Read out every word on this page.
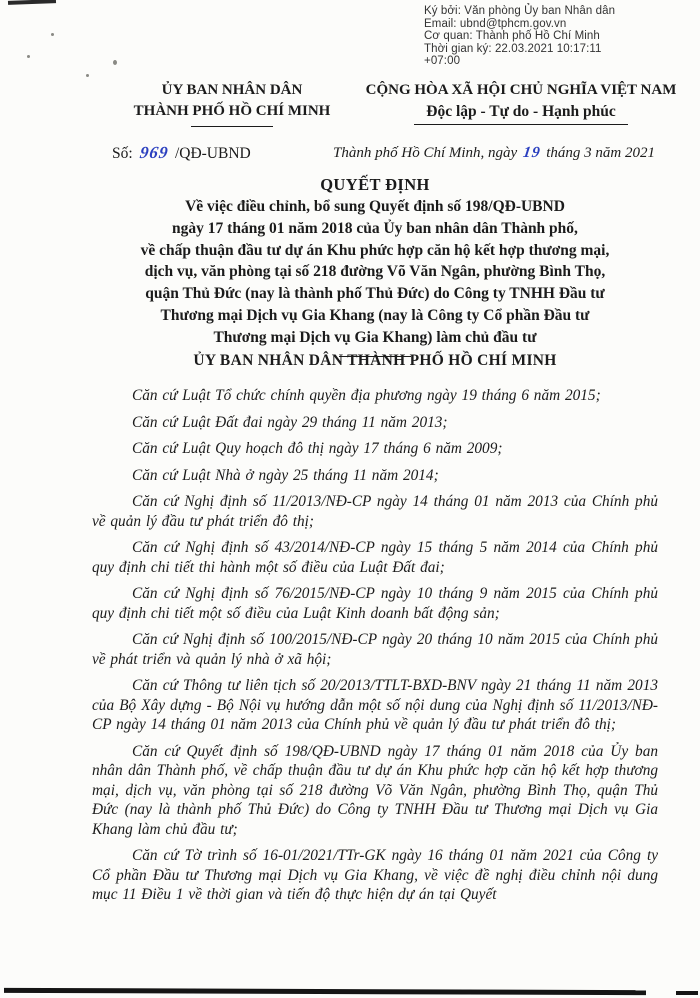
Ký bởi: Văn phòng Ủy ban Nhân dân
Email: ubnd@tphcm.gov.vn
Cơ quan: Thành phố Hồ Chí Minh
Thời gian ký: 22.03.2021 10:17:11
+07:00
ỦY BAN NHÂN DÂN
THÀNH PHỐ HỒ CHÍ MINH
CỘNG HÒA XÃ HỘI CHỦ NGHĨA VIỆT NAM
Độc lập - Tự do - Hạnh phúc
Số: 969 /QĐ-UBND	Thành phố Hồ Chí Minh, ngày 19 tháng 3 năm 2021
QUYẾT ĐỊNH
Về việc điều chỉnh, bổ sung Quyết định số 198/QĐ-UBND
ngày 17 tháng 01 năm 2018 của Ủy ban nhân dân Thành phố,
về chấp thuận đầu tư dự án Khu phức hợp căn hộ kết hợp thương mại,
dịch vụ, văn phòng tại số 218 đường Võ Văn Ngân, phường Bình Thọ,
quận Thủ Đức (nay là thành phố Thủ Đức) do Công ty TNHH Đầu tư
Thương mại Dịch vụ Gia Khang (nay là Công ty Cổ phần Đầu tư
Thương mại Dịch vụ Gia Khang) làm chủ đầu tư
ỦY BAN NHÂN DÂN THÀNH PHỐ HỒ CHÍ MINH

Căn cứ Luật Tổ chức chính quyền địa phương ngày 19 tháng 6 năm 2015;

Căn cứ Luật Đất đai ngày 29 tháng 11 năm 2013;

Căn cứ Luật Quy hoạch đô thị ngày 17 tháng 6 năm 2009;

Căn cứ Luật Nhà ở ngày 25 tháng 11 năm 2014;

Căn cứ Nghị định số 11/2013/NĐ-CP ngày 14 tháng 01 năm 2013 của Chính phủ về quản lý đầu tư phát triển đô thị;

Căn cứ Nghị định số 43/2014/NĐ-CP ngày 15 tháng 5 năm 2014 của Chính phủ quy định chi tiết thi hành một số điều của Luật Đất đai;

Căn cứ Nghị định số 76/2015/NĐ-CP ngày 10 tháng 9 năm 2015 của Chính phủ quy định chi tiết một số điều của Luật Kinh doanh bất động sản;

Căn cứ Nghị định số 100/2015/NĐ-CP ngày 20 tháng 10 năm 2015 của Chính phủ về phát triển và quản lý nhà ở xã hội;

Căn cứ Thông tư liên tịch số 20/2013/TTLT-BXD-BNV ngày 21 tháng 11 năm 2013 của Bộ Xây dựng - Bộ Nội vụ hướng dẫn một số nội dung của Nghị định số 11/2013/NĐ-CP ngày 14 tháng 01 năm 2013 của Chính phủ về quản lý đầu tư phát triển đô thị;

Căn cứ Quyết định số 198/QĐ-UBND ngày 17 tháng 01 năm 2018 của Ủy ban nhân dân Thành phố, về chấp thuận đầu tư dự án Khu phức hợp căn hộ kết hợp thương mại, dịch vụ, văn phòng tại số 218 đường Võ Văn Ngân, phường Bình Thọ, quận Thủ Đức (nay là thành phố Thủ Đức) do Công ty TNHH Đầu tư Thương mại Dịch vụ Gia Khang làm chủ đầu tư;

Căn cứ Tờ trình số 16-01/2021/TTr-GK ngày 16 tháng 01 năm 2021 của Công ty Cổ phần Đầu tư Thương mại Dịch vụ Gia Khang, về việc đề nghị điều chỉnh nội dung mục 11 Điều 1 về thời gian và tiến độ thực hiện dự án tại Quyết
